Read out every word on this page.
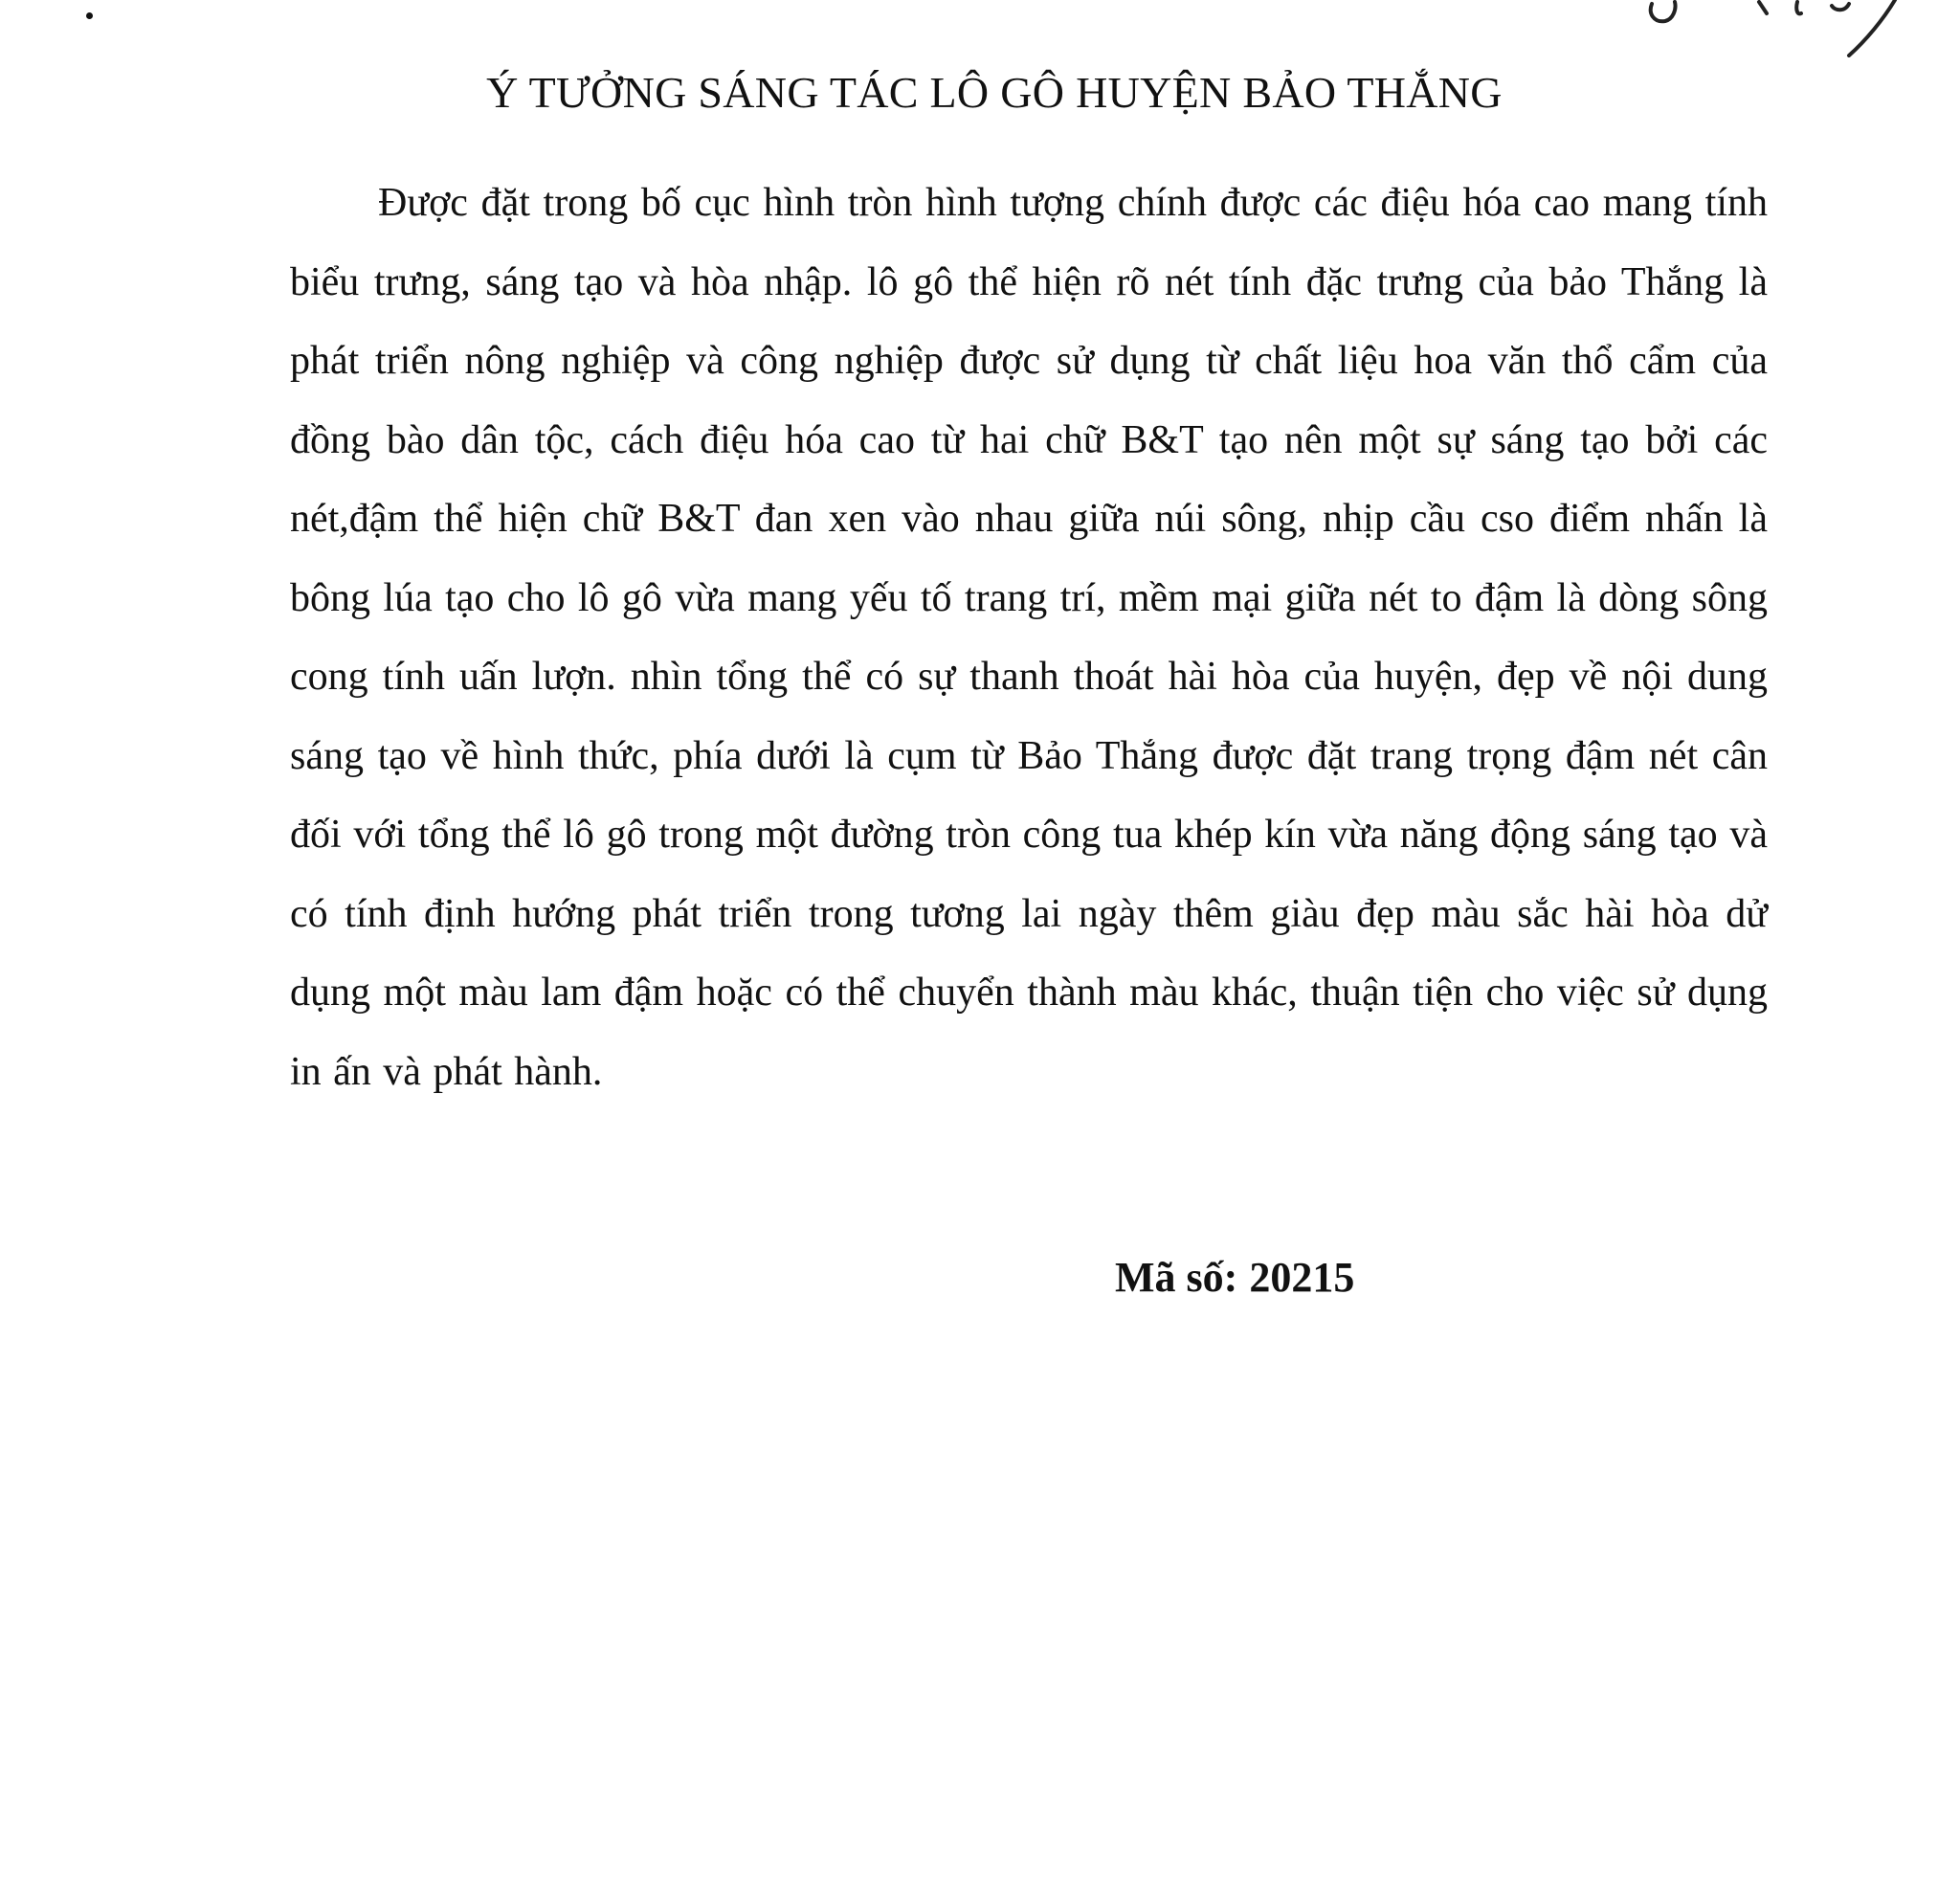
Ý TƯỞNG SÁNG TÁC LÔ GÔ HUYỆN BẢO THẮNG

Được đặt trong bố cục hình tròn hình tượng chính được các điệu hóa cao mang tính biểu trưng, sáng tạo và hòa nhập. lô gô thể hiện rõ nét tính đặc trưng của bảo Thắng là phát triển nông nghiệp và công nghiệp được sử dụng từ chất liệu hoa văn thổ cẩm của đồng bào dân tộc, cách điệu hóa cao từ hai chữ B&T tạo nên một sự sáng tạo bởi các nét,đậm thể hiện chữ B&T đan xen vào nhau giữa núi sông, nhịp cầu cso điểm nhấn là bông lúa tạo cho lô gô vừa mang yếu tố trang trí, mềm mại giữa nét to đậm là dòng sông cong tính uấn lượn. nhìn tổng thể có sự thanh thoát hài hòa của huyện, đẹp về nội dung sáng tạo về hình thức, phía dưới là cụm từ Bảo Thắng được đặt trang trọng đậm nét cân đối với tổng thể lô gô trong một đường tròn công tua khép kín vừa năng động sáng tạo và có tính định hướng phát triển trong tương lai ngày thêm giàu đẹp màu sắc hài hòa dử dụng một màu lam đậm hoặc có thể chuyển thành màu khác, thuận tiện cho việc sử dụng in ấn và phát hành.

Mã số: 20215
